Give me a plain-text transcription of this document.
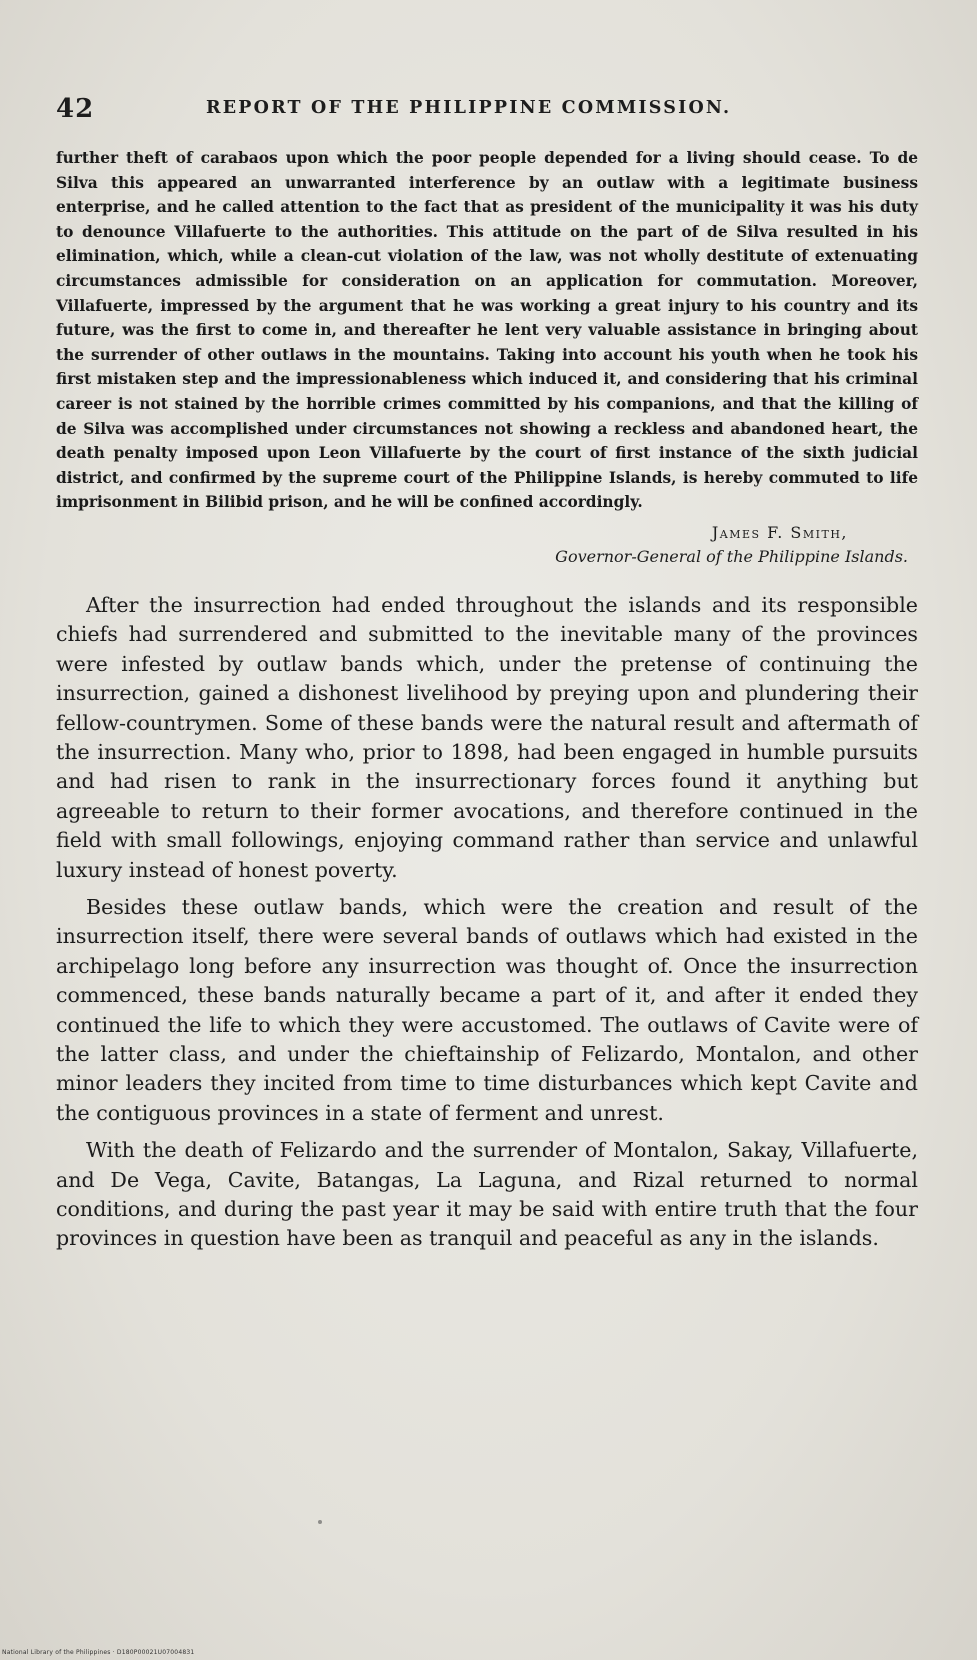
42	REPORT OF THE PHILIPPINE COMMISSION.

further theft of carabaos upon which the poor people depended for a living should cease. To de Silva this appeared an unwarranted interference by an outlaw with a legitimate business enterprise, and he called attention to the fact that as president of the municipality it was his duty to denounce Villafuerte to the authorities. This attitude on the part of de Silva resulted in his elimination, which, while a clean-cut violation of the law, was not wholly destitute of extenuating circumstances admissible for consideration on an application for commutation. Moreover, Villafuerte, impressed by the argument that he was working a great injury to his country and its future, was the first to come in, and thereafter he lent very valuable assistance in bringing about the surrender of other outlaws in the mountains. Taking into account his youth when he took his first mistaken step and the impressionableness which induced it, and considering that his criminal career is not stained by the horrible crimes committed by his companions, and that the killing of de Silva was accomplished under circumstances not showing a reckless and abandoned heart, the death penalty imposed upon Leon Villafuerte by the court of first instance of the sixth judicial district, and confirmed by the supreme court of the Philippine Islands, is hereby commuted to life imprisonment in Bilibid prison, and he will be confined accordingly.

James F. Smith,
Governor-General of the Philippine Islands.

After the insurrection had ended throughout the islands and its responsible chiefs had surrendered and submitted to the inevitable many of the provinces were infested by outlaw bands which, under the pretense of continuing the insurrection, gained a dishonest livelihood by preying upon and plundering their fellow-countrymen. Some of these bands were the natural result and aftermath of the insurrection. Many who, prior to 1898, had been engaged in humble pursuits and had risen to rank in the insurrectionary forces found it anything but agreeable to return to their former avocations, and therefore continued in the field with small followings, enjoying command rather than service and unlawful luxury instead of honest poverty.

Besides these outlaw bands, which were the creation and result of the insurrection itself, there were several bands of outlaws which had existed in the archipelago long before any insurrection was thought of. Once the insurrection commenced, these bands naturally became a part of it, and after it ended they continued the life to which they were accustomed. The outlaws of Cavite were of the latter class, and under the chieftainship of Felizardo, Montalon, and other minor leaders they incited from time to time disturbances which kept Cavite and the contiguous provinces in a state of ferment and unrest.

With the death of Felizardo and the surrender of Montalon, Sakay, Villafuerte, and De Vega, Cavite, Batangas, La Laguna, and Rizal returned to normal conditions, and during the past year it may be said with entire truth that the four provinces in question have been as tranquil and peaceful as any in the islands.

National Library of the Philippines · D180P00021U07004831
